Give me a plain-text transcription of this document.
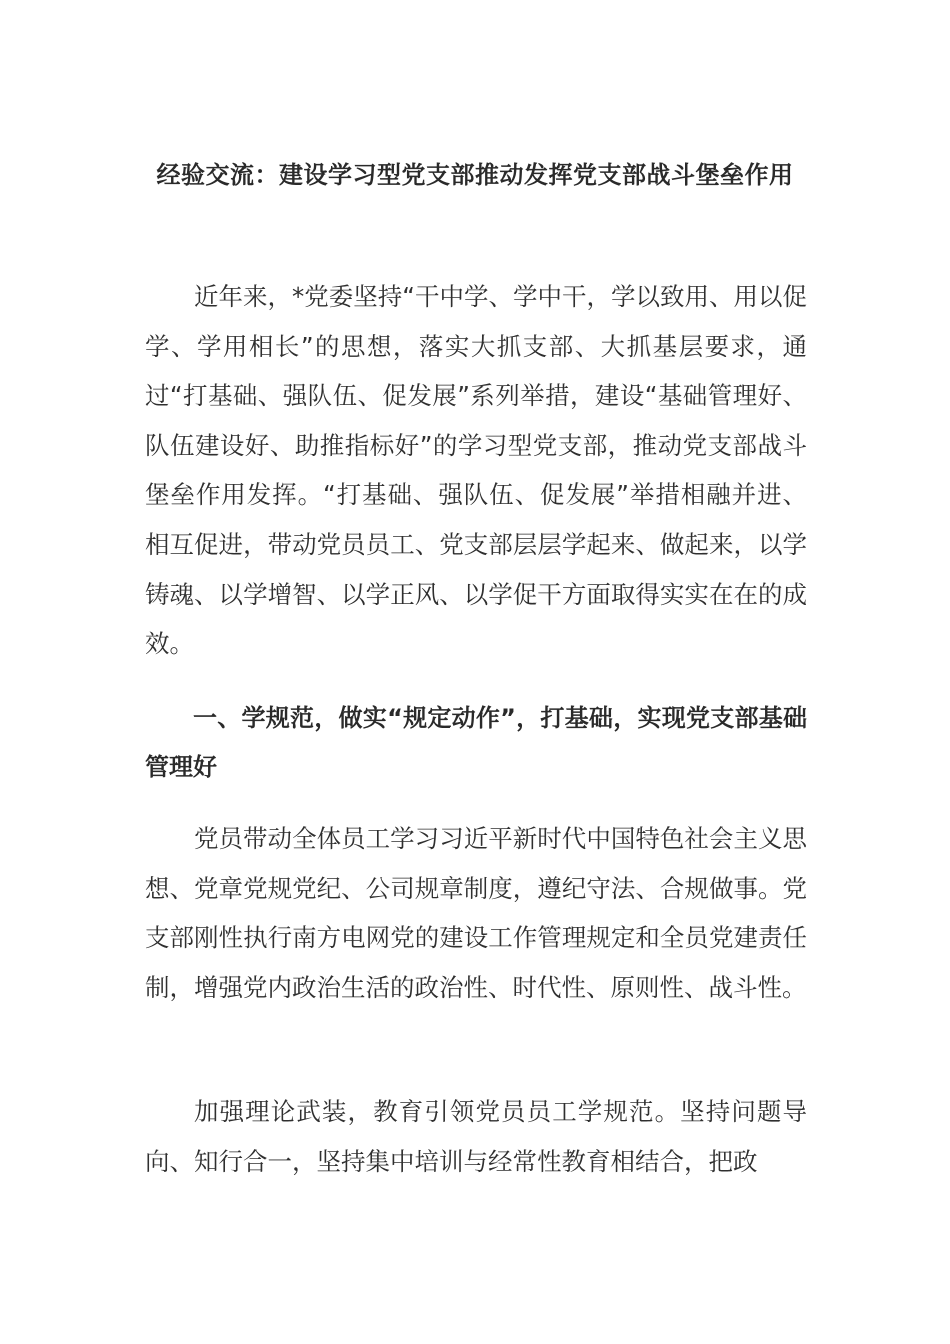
经验交流：建设学习型党支部推动发挥党支部战斗堡垒作用

近年来，*党委坚持“干中学、学中干，学以致用、用以促学、学用相长”的思想，落实大抓支部、大抓基层要求，通过“打基础、强队伍、促发展”系列举措，建设“基础管理好、队伍建设好、助推指标好”的学习型党支部，推动党支部战斗堡垒作用发挥。“打基础、强队伍、促发展”举措相融并进、相互促进，带动党员员工、党支部层层学起来、做起来，以学铸魂、以学增智、以学正风、以学促干方面取得实实在在的成效。

一、学规范，做实“规定动作”，打基础，实现党支部基础管理好

党员带动全体员工学习习近平新时代中国特色社会主义思想、党章党规党纪、公司规章制度，遵纪守法、合规做事。党支部刚性执行南方电网党的建设工作管理规定和全员党建责任制，增强党内政治生活的政治性、时代性、原则性、战斗性。

加强理论武装，教育引领党员员工学规范。坚持问题导向、知行合一，坚持集中培训与经常性教育相结合，把政
